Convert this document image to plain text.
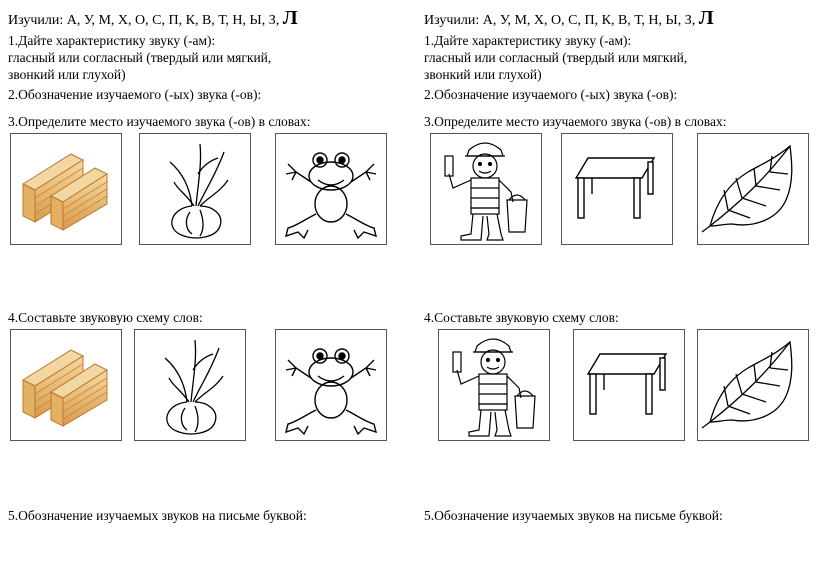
Изучили: А, У, М, Х, О, С, П, К, В, Т, Н, Ы, З, Л
1.Дайте характеристику звуку (-ам):
гласный или согласный (твердый или мягкий,
звонкий или глухой)
2.Обозначение изучаемого (-ых) звука (-ов):
3.Определите место изучаемого звука (-ов) в словах:
4.Составьте звуковую схему слов:
5.Обозначение изучаемых звуков на письме буквой:
Изучили: А, У, М, Х, О, С, П, К, В, Т, Н, Ы, З, Л
1.Дайте характеристику звуку (-ам):
гласный или согласный (твердый или мягкий,
звонкий или глухой)
2.Обозначение изучаемого (-ых) звука (-ов):
3.Определите место изучаемого звука (-ов) в словах:
4.Составьте звуковую схему слов:
5.Обозначение изучаемых звуков на письме буквой:
